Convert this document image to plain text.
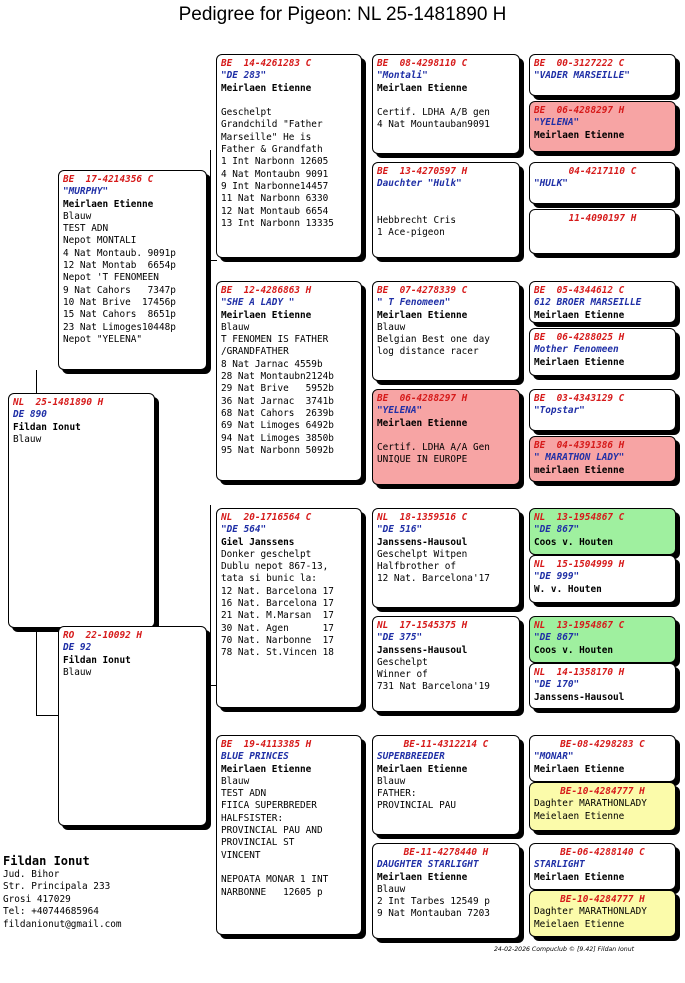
Pedigree for Pigeon: NL 25-1481890 H
NL  25-1481890 H
DE 890
Fildan Ionut
Blauw
BE  17-4214356 C
"MURPHY"
Meirlaen Etienne
Blauw
TEST ADN
Nepot MONTALI
4 Nat Montaub. 9091p
12 Nat Montab  6654p
Nepot 'T FENOMEEN
9 Nat Cahors   7347p
10 Nat Brive  17456p
15 Nat Cahors  8651p
23 Nat Limoges10448p
Nepot "YELENA"
RO  22-10092 H
DE 92
Fildan Ionut
Blauw
BE  14-4261283 C
"DE 283"
Meirlaen Etienne
Geschelpt
Grandchild "Father
Marseille" He is
Father & Grandfath
1 Int Narbonn 12605
4 Nat Montaubn 9091
9 Int Narbonne14457
11 Nat Narbonn 6330
12 Nat Montaub 6654
13 Int Narbonn 13335
BE  12-4286863 H
"SHE A LADY "
Meirlaen Etienne
Blauw
T FENOMEN IS FATHER
/GRANDFATHER
8 Nat Jarnac 4559b
28 Nat Montaubn2124b
29 Nat Brive   5952b
36 Nat Jarnac  3741b
68 Nat Cahors  2639b
69 Nat Limoges 6492b
94 Nat Limoges 3850b
95 Nat Narbonn 5092b
NL  20-1716564 C
"DE 564"
Giel Janssens
Donker geschelpt
Dublu nepot 867-13,
tata si bunic la:
12 Nat. Barcelona 17
16 Nat. Barcelona 17
21 Nat. M.Marsan  17
30 Nat. Agen      17
70 Nat. Narbonne  17
78 Nat. St.Vincen 18
BE  19-4113385 H
BLUE PRINCES
Meirlaen Etienne
Blauw
TEST ADN
FIICA SUPERBREDER
HALFSISTER:
PROVINCIAL PAU AND
PROVINCIAL ST
VINCENT
NEPOATA MONAR 1 INT
NARBONNE   12605 p
BE  08-4298110 C
"Montali"
Meirlaen Etienne
Certif. LDHA A/B gen
4 Nat Mountauban9091
BE  13-4270597 H
Dauchter "Hulk"
Hebbrecht Cris
1 Ace-pigeon
BE  07-4278339 C
" T Fenomeen"
Meirlaen Etienne
Blauw
Belgian Best one day
log distance racer
BE  06-4288297 H
"YELENA"
Meirlaen Etienne
Certif. LDHA A/A Gen
UNIQUE IN EUROPE
NL  18-1359516 C
"DE 516"
Janssens-Hausoul
Geschelpt Witpen
Halfbrother of
12 Nat. Barcelona'17
NL  17-1545375 H
"DE 375"
Janssens-Hausoul
Geschelpt
Winner of
731 Nat Barcelona'19
BE-11-4312214 C
SUPERBREEDER
Meirlaen Etienne
Blauw
FATHER:
PROVINCIAL PAU
BE-11-4278440 H
DAUGHTER STARLIGHT
Meirlaen Etienne
Blauw
2 Int Tarbes 12549 p
9 Nat Montauban 7203
BE  00-3127222 C
"VADER MARSEILLE"
BE  06-4288297 H
"YELENA"
Meirlaen Etienne
04-4217110 C
"HULK"
11-4090197 H
BE  05-4344612 C
612 BROER MARSEILLE
Meirlaen Etienne
BE  06-4288025 H
Mother Fenomeen
Meirlaen Etienne
BE  03-4343129 C
"Topstar"
BE  04-4391386 H
" MARATHON LADY"
meirlaen Etienne
NL  13-1954867 C
"DE 867"
Coos v. Houten
NL  15-1504999 H
"DE 999"
W. v. Houten
NL  13-1954867 C
"DE 867"
Coos v. Houten
NL  14-1358170 H
"DE 170"
Janssens-Hausoul
BE-08-4298283 C
"MONAR"
Meirlaen Etienne
BE-10-4284777 H
Daghter MARATHONLADY
Meielaen Etienne
BE-06-4288140 C
STARLIGHT
Meirlaen Etienne
BE-10-4284777 H
Daghter MARATHONLADY
Meielaen Etienne
Fildan Ionut
Jud. Bihor
Str. Principala 233
Grosi 417029
Tel: +40744685964
fildanionut@gmail.com
24-02-2026 Compuclub © [9.42] Fildan Ionut
